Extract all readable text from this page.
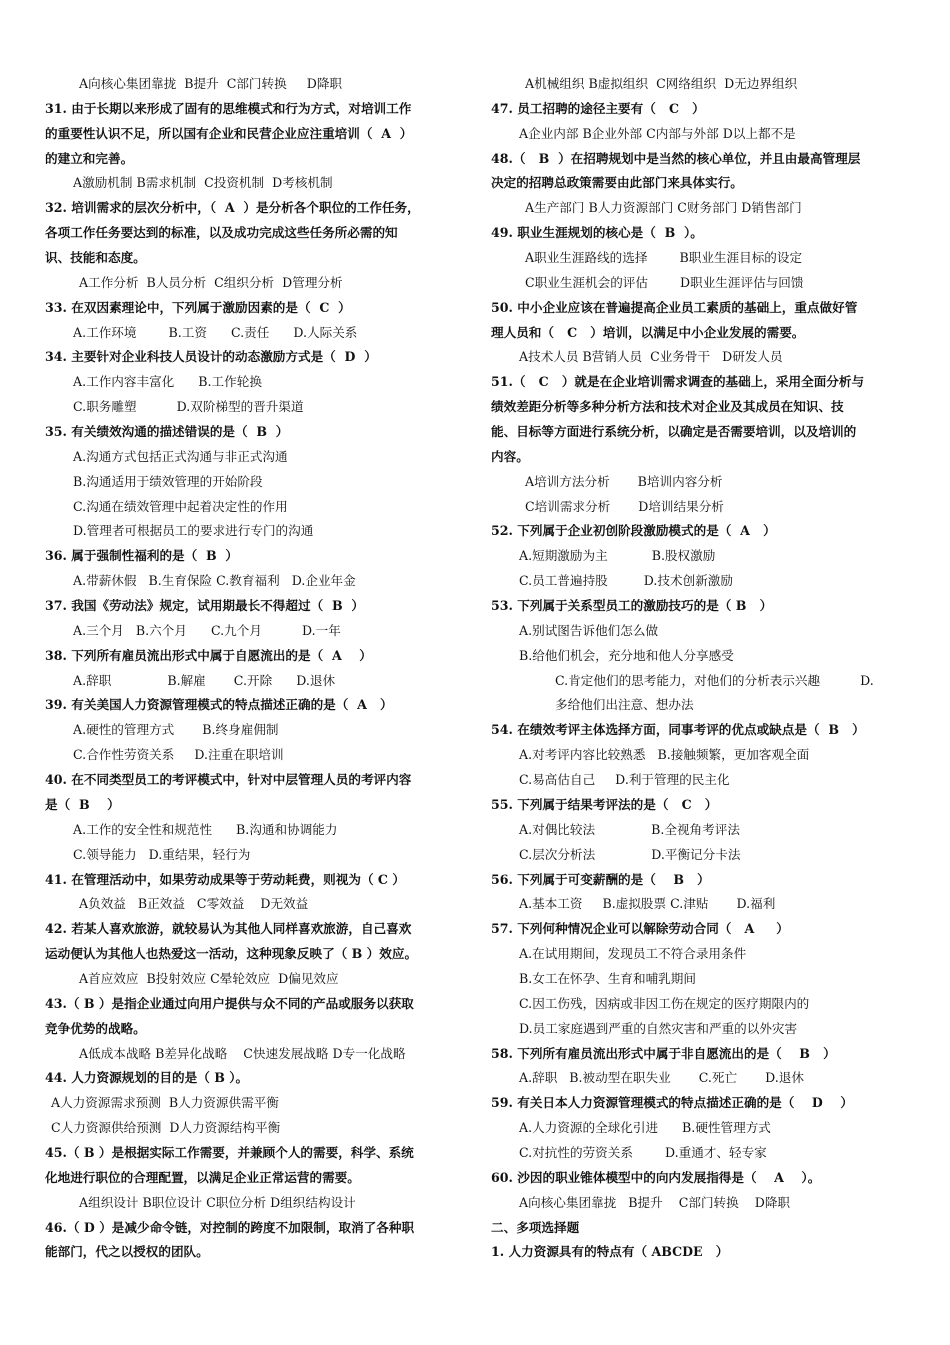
A向核心集团靠拢  B提升  C部门转换     D降职
31. 由于长期以来形成了固有的思维模式和行为方式，对培训工作
的重要性认识不足，所以国有企业和民营企业应注重培训（  A  ）
的建立和完善。
A激励机制 B需求机制  C投资机制  D考核机制
32. 培训需求的层次分析中，（  A  ）是分析各个职位的工作任务，
各项工作任务要达到的标准，以及成功完成这些任务所必需的知
识、技能和态度。
A工作分析  B人员分析  C组织分析  D管理分析
33. 在双因素理论中，下列属于激励因素的是（  C  ）
A.工作环境        B.工资      C.责任      D.人际关系
34. 主要针对企业科技人员设计的动态激励方式是（  D  ）
A.工作内容丰富化      B.工作轮换
C.职务雕塑          D.双阶梯型的晋升渠道
35. 有关绩效沟通的描述错误的是（  B  ）
A.沟通方式包括正式沟通与非正式沟通
B.沟通适用于绩效管理的开始阶段
C.沟通在绩效管理中起着决定性的作用
D.管理者可根据员工的要求进行专门的沟通
36. 属于强制性福利的是（  B  ）
A.带薪休假   B.生育保险 C.教育福利   D.企业年金
37. 我国《劳动法》规定，试用期最长不得超过（  B  ）
A.三个月   B.六个月      C.九个月          D.一年
38. 下列所有雇员流出形式中属于自愿流出的是（  A    ）
A.辞职              B.解雇       C.开除      D.退休
39. 有关美国人力资源管理模式的特点描述正确的是（  A   ）
A.硬性的管理方式       B.终身雇佣制
C.合作性劳资关系     D.注重在职培训
40. 在不同类型员工的考评模式中，针对中层管理人员的考评内容
是（  B    ）
A.工作的安全性和规范性      B.沟通和协调能力
C.领导能力   D.重结果，轻行为
41. 在管理活动中，如果劳动成果等于劳动耗费，则视为（ C ）
A负效益   B正效益   C零效益    D无效益
42. 若某人喜欢旅游，就较易认为其他人同样喜欢旅游，自己喜欢
运动便认为其他人也热爱这一活动，这种现象反映了（ B ）效应。
A首应效应  B投射效应 C晕轮效应  D偏见效应
43.（ B ）是指企业通过向用户提供与众不同的产品或服务以获取
竞争优势的战略。
A低成本战略 B差异化战略    C快速发展战略 D专一化战略
44. 人力资源规划的目的是（ B ）。
A人力资源需求预测  B人力资源供需平衡
C人力资源供给预测  D人力资源结构平衡
45.（ B ）是根据实际工作需要，并兼顾个人的需要，科学、系统
化地进行职位的合理配置，以满足企业正常运营的需要。
A组织设计 B职位设计 C职位分析 D组织结构设计
46.（ D ）是减少命令链，对控制的跨度不加限制，取消了各种职
能部门，代之以授权的团队。
A机械组织 B虚拟组织  C网络组织  D无边界组织
47. 员工招聘的途径主要有（   C   ）
A企业内部 B企业外部 C内部与外部 D以上都不是
48.（   B  ）在招聘规划中是当然的核心单位，并且由最高管理层
决定的招聘总政策需要由此部门来具体实行。
A生产部门 B人力资源部门 C财务部门 D销售部门
49. 职业生涯规划的核心是（  B  ）。
A职业生涯路线的选择        B职业生涯目标的设定
C职业生涯机会的评估        D职业生涯评估与回馈
50. 中小企业应该在普遍提高企业员工素质的基础上，重点做好管
理人员和（   C   ）培训，以满足中小企业发展的需要。
A技术人员 B营销人员  C业务骨干   D研发人员
51.（   C   ）就是在企业培训需求调查的基础上，采用全面分析与
绩效差距分析等多种分析方法和技术对企业及其成员在知识、技
能、目标等方面进行系统分析，以确定是否需要培训，以及培训的
内容。
A培训方法分析       B培训内容分析
C培训需求分析       D培训结果分析
52. 下列属于企业初创阶段激励模式的是（  A   ）
A.短期激励为主           B.股权激励
C.员工普遍持股         D.技术创新激励
53. 下列属于关系型员工的激励技巧的是（ B   ）
A.别试图告诉他们怎么做
B.给他们机会，充分地和他人分享感受
C.肯定他们的思考能力，对他们的分析表示兴趣          D.
多给他们出注意、想办法
54. 在绩效考评主体选择方面，同事考评的优点或缺点是（  B   ）
A.对考评内容比较熟悉   B.接触频繁，更加客观全面
C.易高估自己     D.利于管理的民主化
55. 下列属于结果考评法的是（   C   ）
A.对偶比较法              B.全视角考评法
C.层次分析法              D.平衡记分卡法
56. 下列属于可变薪酬的是（    B   ）
A.基本工资     B.虚拟股票 C.津贴       D.福利
57. 下列何种情况企业可以解除劳动合同（   A     ）
A.在试用期间，发现员工不符合录用条件
B.女工在怀孕、生育和哺乳期间
C.因工伤残，因病或非因工伤在规定的医疗期限内的
D.员工家庭遇到严重的自然灾害和严重的以外灾害
58. 下列所有雇员流出形式中属于非自愿流出的是（    B   ）
A.辞职   B.被动型在职失业       C.死亡       D.退休
59. 有关日本人力资源管理模式的特点描述正确的是（    D    ）
A.人力资源的全球化引进      B.硬性管理方式
C.对抗性的劳资关系        D.重通才、轻专家
60. 沙因的职业锥体模型中的向内发展指得是（    A    ）。
A向核心集团靠拢   B提升    C部门转换    D降职
二、多项选择题
1. 人力资源具有的特点有（ ABCDE   ）
